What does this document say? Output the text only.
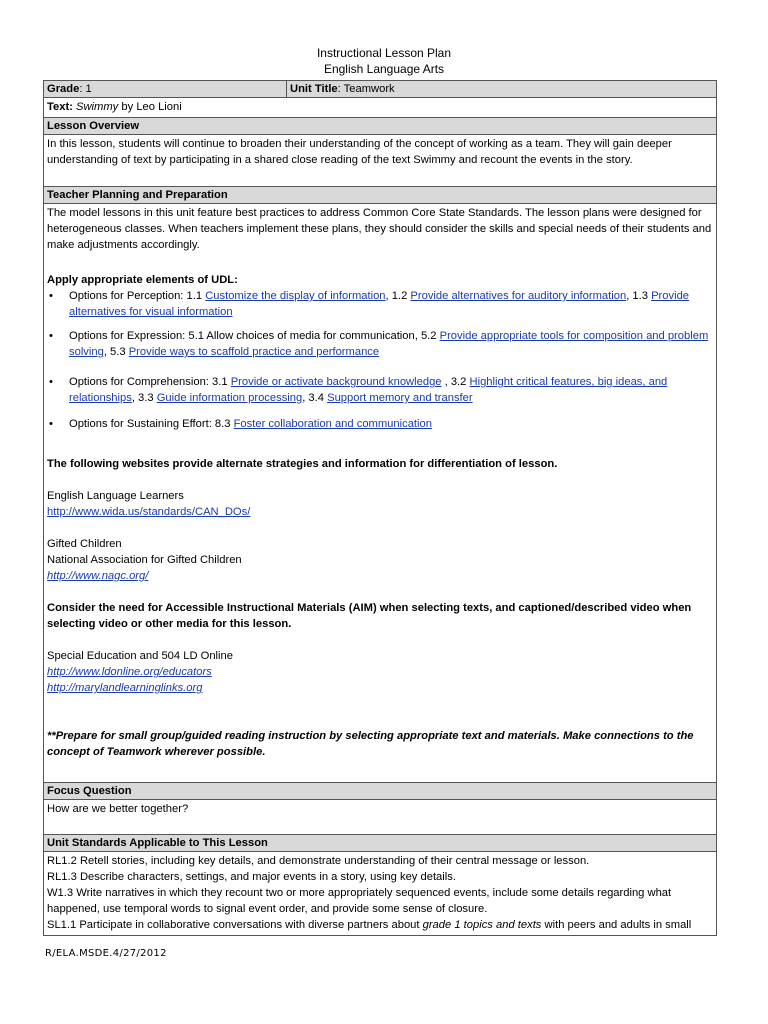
Instructional Lesson Plan
English Language Arts
Grade: 1	Unit Title: Teamwork
Text: Swimmy by Leo Lioni
Lesson Overview
In this lesson, students will continue to broaden their understanding of the concept of working as a team. They will gain deeper understanding of text by participating in a shared close reading of the text Swimmy and recount the events in the story.
Teacher Planning and Preparation

The model lessons in this unit feature best practices to address Common Core State Standards. The lesson plans were designed for heterogeneous classes. When teachers implement these plans, they should consider the skills and special needs of their students and make adjustments accordingly.
Apply appropriate elements of UDL:
• Options for Perception: 1.1 Customize the display of information, 1.2 Provide alternatives for auditory information, 1.3 Provide alternatives for visual information
• Options for Expression: 5.1 Allow choices of media for communication, 5.2 Provide appropriate tools for composition and problem solving, 5.3 Provide ways to scaffold practice and performance
• Options for Comprehension: 3.1 Provide or activate background knowledge , 3.2 Highlight critical features, big ideas, and relationships, 3.3 Guide information processing, 3.4 Support memory and transfer
• Options for Sustaining Effort: 8.3 Foster collaboration and communication
The following websites provide alternate strategies and information for differentiation of lesson.
English Language Learners
http://www.wida.us/standards/CAN_DOs/
Gifted Children
National Association for Gifted Children
http://www.nagc.org/
Consider the need for Accessible Instructional Materials (AIM) when selecting texts, and captioned/described video when selecting video or other media for this lesson.
Special Education and 504 LD Online
http://www.ldonline.org/educators
http://marylandlearninglinks.org
**Prepare for small group/guided reading instruction by selecting appropriate text and materials. Make connections to the concept of Teamwork wherever possible.

Focus Question
How are we better together?
Unit Standards Applicable to This Lesson

RL1.2 Retell stories, including key details, and demonstrate understanding of their central message or lesson.
RL1.3 Describe characters, settings, and major events in a story, using key details.
W1.3 Write narratives in which they recount two or more appropriately sequenced events, include some details regarding what happened, use temporal words to signal event order, and provide some sense of closure.
SL1.1 Participate in collaborative conversations with diverse partners about grade 1 topics and texts with peers and adults in small
R/ELA.MSDE.4/27/2012
